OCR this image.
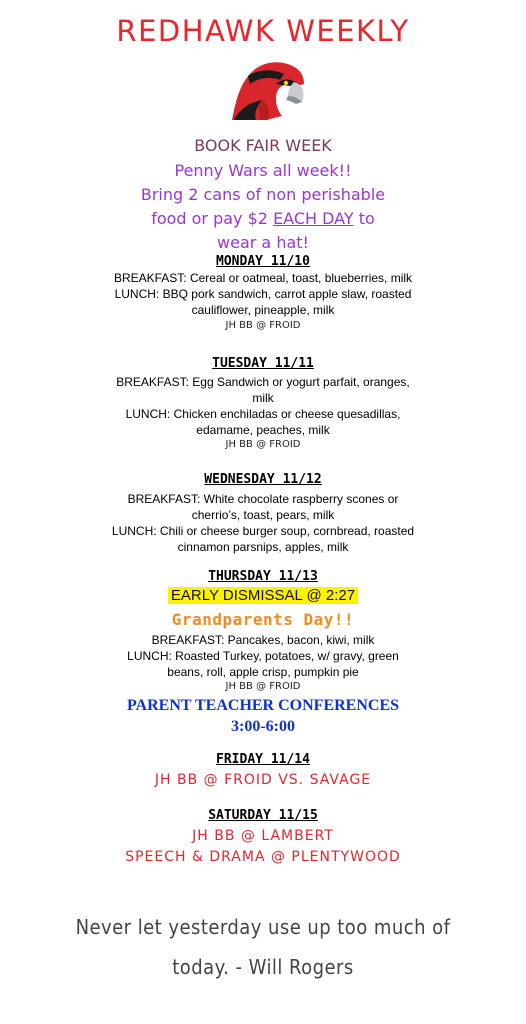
REDHAWK WEEKLY
BOOK FAIR WEEK
Penny Wars all week!!
Bring 2 cans of non perishable
food or pay $2 EACH DAY to
wear a hat!
MONDAY 11/10
BREAKFAST: Cereal or oatmeal, toast, blueberries, milk
LUNCH: BBQ pork sandwich, carrot apple slaw, roasted
cauliflower, pineapple, milk
JH BB @ FROID
TUESDAY 11/11
BREAKFAST: Egg Sandwich or yogurt parfait, oranges,
milk
LUNCH: Chicken enchiladas or cheese quesadillas,
edamame, peaches, milk
JH BB @ FROID
WEDNESDAY 11/12
BREAKFAST: White chocolate raspberry scones or
cherrio’s, toast, pears, milk
LUNCH: Chili or cheese burger soup, cornbread, roasted
cinnamon parsnips, apples, milk
THURSDAY 11/13
EARLY DISMISSAL @ 2:27
Grandparents Day!!
BREAKFAST: Pancakes, bacon, kiwi, milk
LUNCH: Roasted Turkey, potatoes, w/ gravy, green
beans, roll, apple crisp, pumpkin pie
JH BB @ FROID
PARENT TEACHER CONFERENCES
3:00-6:00
FRIDAY 11/14
JH BB @ FROID VS. SAVAGE
SATURDAY 11/15
JH BB @ LAMBERT
SPEECH & DRAMA @ PLENTYWOOD
Never let yesterday use up too much of
today. - Will Rogers
